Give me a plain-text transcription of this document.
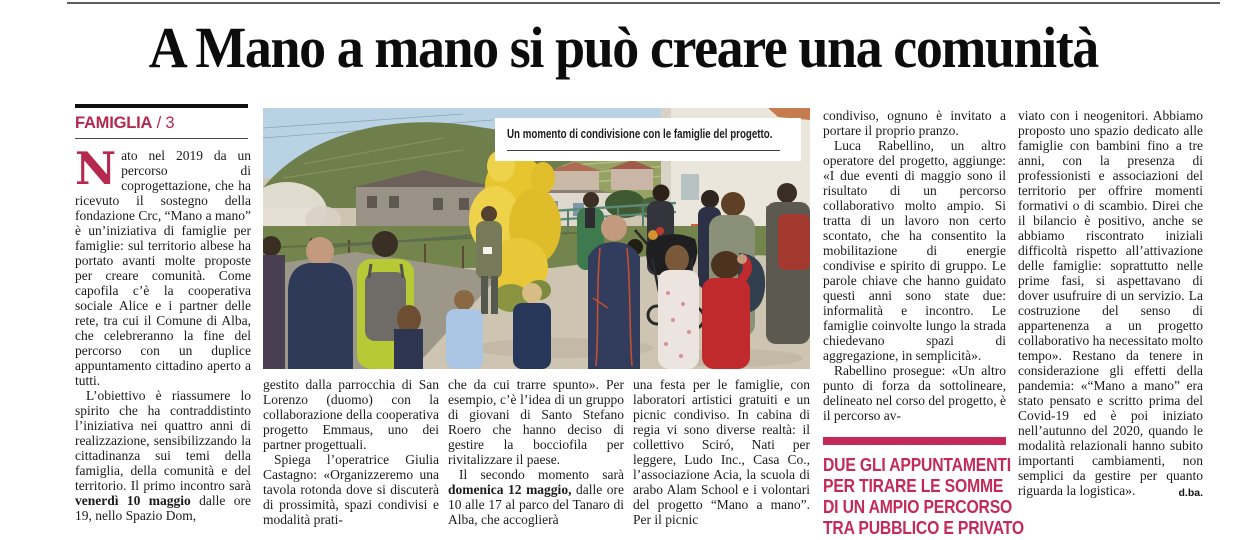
A Mano a mano si può creare una comunità
FAMIGLIA / 3
Un momento di condivisione con le famiglie del progetto.

Nato nel 2019 da un percorso di coprogettazione, che ha ricevuto il sostegno della fondazione Crc, “Mano a mano” è un’iniziativa di famiglie per famiglie: sul territorio albese ha portato avanti molte proposte per creare comunità. Come capofila c’è la cooperativa sociale Alice e i partner delle rete, tra cui il Comune di Alba, che celebreranno la fine del percorso con un duplice appuntamento cittadino aperto a tutti.

L’obiettivo è riassumere lo spirito che ha contraddistinto l’iniziativa nei quattro anni di realizzazione, sensibilizzando la cittadinanza sui temi della famiglia, della comunità e del territorio. Il primo incontro sarà venerdì 10 maggio dalle ore 19, nello Spazio Dom,

gestito dalla parrocchia di San Lorenzo (duomo) con la collaborazione della cooperativa progetto Emmaus, uno dei partner progettuali.

Spiega l’operatrice Giulia Castagno: «Organizzeremo una tavola rotonda dove si discuterà di prossimità, spazi condivisi e modalità prati-

che da cui trarre spunto». Per esempio, c’è l’idea di un gruppo di giovani di Santo Stefano Roero che hanno deciso di gestire la bocciofila per rivitalizzare il paese.

Il secondo momento sarà domenica 12 maggio, dalle ore 10 alle 17 al parco del Tanaro di Alba, che accoglierà

una festa per le famiglie, con laboratori artistici gratuiti e un picnic condiviso. In cabina di regia vi sono diverse realtà: il collettivo Sciró, Nati per leggere, Ludo Inc., Casa Co., l’associazione Acia, la scuola di arabo Alam School e i volontari del progetto “Mano a mano”. Per il picnic

condiviso, ognuno è invitato a portare il proprio pranzo.

Luca Rabellino, un altro operatore del progetto, aggiunge: «I due eventi di maggio sono il risultato di un percorso collaborativo molto ampio. Si tratta di un lavoro non certo scontato, che ha consentito la mobilitazione di energie condivise e spirito di gruppo. Le parole chiave che hanno guidato questi anni sono state due: informalità e incontro. Le famiglie coinvolte lungo la strada chiedevano spazi di aggregazione, in semplicità».

Rabellino prosegue: «Un altro punto di forza da sottolineare, delineato nel corso del progetto, è il percorso av-

DUE GLI APPUNTAMENTI
PER TIRARE LE SOMME
DI UN AMPIO PERCORSO
TRA PUBBLICO E PRIVATO

viato con i neogenitori. Abbiamo proposto uno spazio dedicato alle famiglie con bambini fino a tre anni, con la presenza di professionisti e associazioni del territorio per offrire momenti formativi o di scambio. Direi che il bilancio è positivo, anche se abbiamo riscontrato iniziali difficoltà rispetto all’attivazione delle famiglie: soprattutto nelle prime fasi, si aspettavano di dover usufruire di un servizio. La costruzione del senso di appartenenza a un progetto collaborativo ha necessitato molto tempo». Restano da tenere in considerazione gli effetti della pandemia: «“Mano a mano” era stato pensato e scritto prima del Covid-19 ed è poi iniziato nell’autunno del 2020, quando le modalità relazionali hanno subito importanti cambiamenti, non semplici da gestire per quanto riguarda la logistica».	d.ba.
